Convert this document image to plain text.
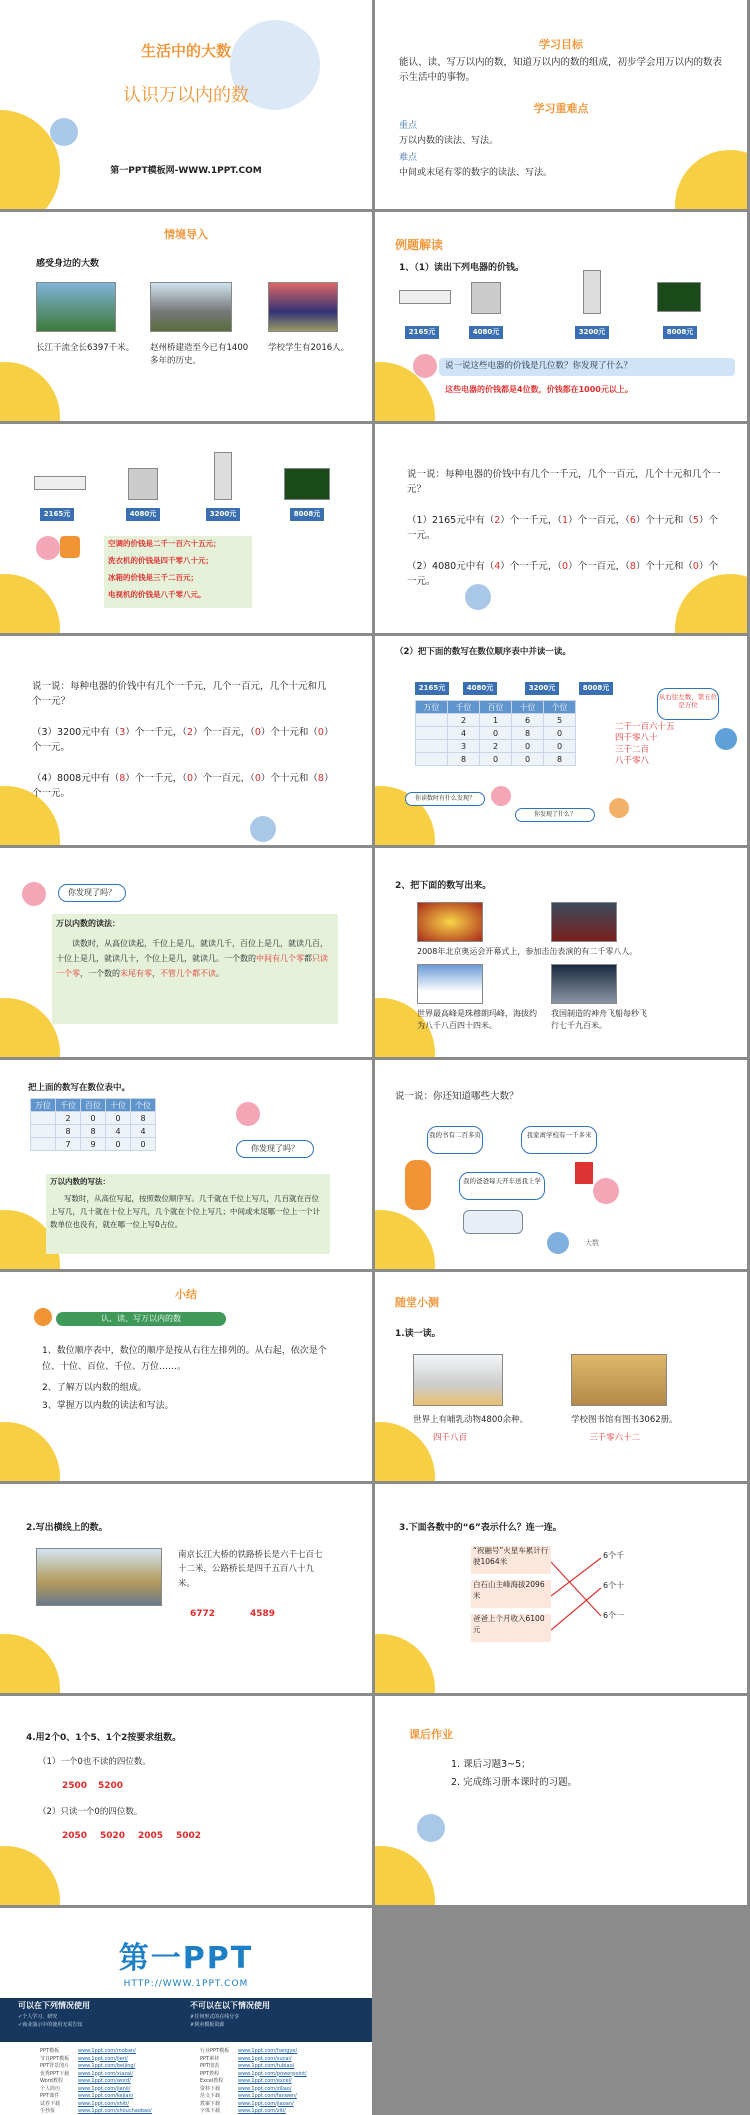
生活中的大数
认识万以内的数
第一PPT模板网-WWW.1PPT.COM
学习目标
能认、读、写万以内的数，知道万以内的数的组成，初步学会用万以内的数表示生活中的事物。
学习重难点
重点
万以内数的读法、写法。
难点
中间或末尾有零的数字的读法、写法。
情境导入
感受身边的大数
长江干流全长6397千米。 赵州桥建造至今已有1400多年的历史。
学校学生有2016人。
例题解读
1、（1）读出下列电器的价钱。
2165元	4080元	3200元	8008元
说一说这些电器的价钱是几位数？你发现了什么？
这些电器的价钱都是4位数，价钱都在1000元以上。
2165元	4080元	3200元	8008元
空调的价钱是二千一百六十五元；
洗衣机的价钱是四千零八十元；
冰箱的价钱是三千二百元；
电视机的价钱是八千零八元。
说一说：每种电器的价钱中有几个一千元，几个一百元，几个十元和几个一元？
（1）2165元中有（2）个一千元，（1）个一百元，（6）个十元和（5）个一元。
（2）4080元中有（4）个一千元，（0）个一百元，（8）个十元和（0）个一元。
说一说：每种电器的价钱中有几个一千元，几个一百元，几个十元和几个一元？
（3）3200元中有（3）个一千元，（2）个一百元，（0）个十元和（0）个一元。
（4）8008元中有（8）个一千元，（0）个一百元，（0）个十元和（8）个一元。
（2）把下面的数写在数位顺序表中并读一读。
2165元	4080元	3200元	8008元
万位	千位	百位	十位	个位
	2	1	6	5
	4	0	8	0
	3	2	0	0
	8	0	0	8
二千一百六十五
四千零八十
三千二百
八千零八
从右往左数，第五位是万位
你读数时有什么发现？
你发现了什么？
你发现了吗？
万以内数的读法：
读数时，从高位读起，千位上是几，就读几千，百位上是几，就读几百，十位上是几，就读几十，个位上是几，就读几。一个数的中间有几个零都只读一个零，一个数的末尾有零，不管几个都不读。
2、把下面的数写出来。
2008年北京奥运会开幕式上，参加击缶表演的有二千零八人。
世界最高峰是珠穆朗玛峰，海拔约为八千八百四十四米。
我国制造的神舟飞船每秒飞行七千九百米。
把上面的数写在数位表中。
万位	千位	百位	十位	个位
	2	0	0	8
	8	8	4	4
	7	9	0	0	你发现了吗？
万以内数的写法：
写数时，从高位写起，按照数位顺序写。几千就在千位上写几，几百就在百位上写几，几十就在十位上写几，几个就在个位上写几；中间或末尾哪一位上一个计数单位也没有，就在哪一位上写0占位。
说一说：你还知道哪些大数？
我的书有二百多页	我家离学校有一千多米
我的爸爸每天开车送我上学
大数
小结
认、读、写万以内的数
1、数位顺序表中，数位的顺序是按从右往左排列的。从右起，依次是个位、十位、百位、千位、万位……。
2、了解万以内数的组成。
3、掌握万以内数的读法和写法。
随堂小测
1.读一读。
世界上有哺乳动物4800余种。	学校图书馆有图书3062册。
四千八百	三千零六十二
2.写出横线上的数。
南京长江大桥的铁路桥长是六千七百七十二米，公路桥长是四千五百八十九米。
6772	4589
3.下面各数中的“6”表示什么？连一连。
“祝融号”火星车累计行驶1064米
白石山主峰海拔2096米
爸爸上个月收入6100元
6个千
6个十
6个一
4.用2个0、1个5、1个2按要求组数。
（1）一个0也不读的四位数。
2500 5200
（2）只读一个0的四位数。
2050 5020 2005 5002
课后作业
1. 课后习题3~5；
2. 完成练习册本课时的习题。
第一PPT
HTTP://WWW.1PPT.COM
可以在下列情况使用
✓个人学习、研究
✓商业演示中的使用无需告知
不可以在以下情况使用
✗任何形式的在线分享
✗倒卖模板资源
PPT模板	www.1ppt.com/moban/	行业PPT模板 www.1ppt.com/hangye/
节日PPT模板 www.1ppt.com/jieri/	PPT素材	www.1ppt.com/sucai/
PPT背景图片 www.1ppt.com/beijing/	PPT图表	www.1ppt.com/tubiao/
优秀PPT下载 www.1ppt.com/xiazai/	PPT教程	www.1ppt.com/powerpoint/
Word教程	www.1ppt.com/word/	Excel教程	www.1ppt.com/excel/
个人简历	www.1ppt.com/jianli/	资料下载	www.1ppt.com/ziliao/
PPT课件	www.1ppt.com/kejian/	范文下载	www.1ppt.com/fanwen/
试卷下载	www.1ppt.com/shiti/	教案下载	www.1ppt.com/jiaoan/
手抄报	www.1ppt.com/shouchaobao/	字体下载	www.1ppt.com/ziti/
